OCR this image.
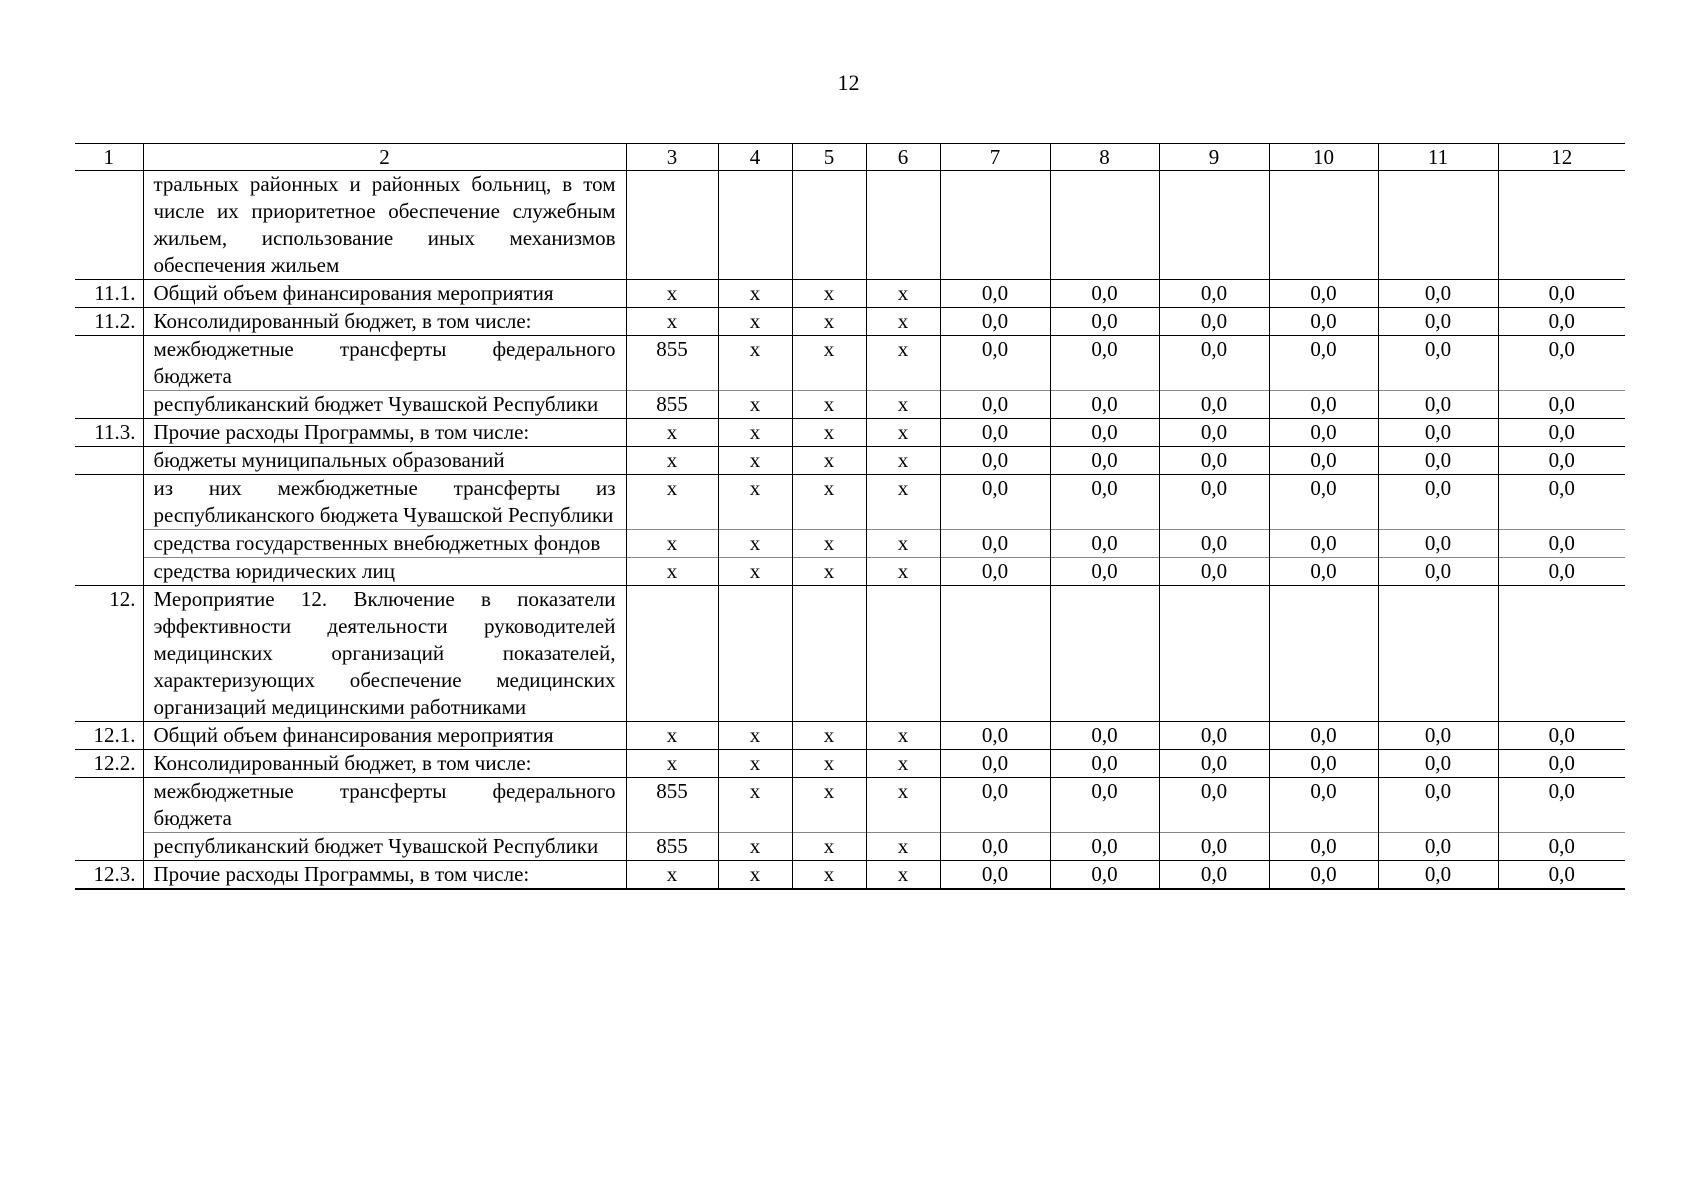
12
1	2	3	4	5	6	7	8	9	10	11	12
	тральных районных и районных больниц, в том числе их приоритетное обеспечение служебным жильем, использование иных механизмов обеспечения жильем										
11.1.	Общий объем финансирования мероприятия	x	x	x	x	0,0	0,0	0,0	0,0	0,0	0,0
11.2.	Консолидированный бюджет, в том числе:	x	x	x	x	0,0	0,0	0,0	0,0	0,0	0,0
	межбюджетные трансферты федерального бюджета	855	x	x	x	0,0	0,0	0,0	0,0	0,0	0,0
	республиканский бюджет Чувашской Республики	855	x	x	x	0,0	0,0	0,0	0,0	0,0	0,0
11.3.	Прочие расходы Программы, в том числе:	x	x	x	x	0,0	0,0	0,0	0,0	0,0	0,0
	бюджеты муниципальных образований	x	x	x	x	0,0	0,0	0,0	0,0	0,0	0,0
	из них межбюджетные трансферты из республиканского бюджета Чувашской Республики	x	x	x	x	0,0	0,0	0,0	0,0	0,0	0,0
	средства государственных внебюджетных фондов	x	x	x	x	0,0	0,0	0,0	0,0	0,0	0,0
	средства юридических лиц	x	x	x	x	0,0	0,0	0,0	0,0	0,0	0,0
12.	Мероприятие 12. Включение в показатели эффективности деятельности руководителей медицинских организаций показателей, характеризующих обеспечение медицинских организаций медицинскими работниками										
12.1.	Общий объем финансирования мероприятия	x	x	x	x	0,0	0,0	0,0	0,0	0,0	0,0
12.2.	Консолидированный бюджет, в том числе:	x	x	x	x	0,0	0,0	0,0	0,0	0,0	0,0
	межбюджетные трансферты федерального бюджета	855	x	x	x	0,0	0,0	0,0	0,0	0,0	0,0
	республиканский бюджет Чувашской Республики	855	x	x	x	0,0	0,0	0,0	0,0	0,0	0,0
12.3.	Прочие расходы Программы, в том числе:	x	x	x	x	0,0	0,0	0,0	0,0	0,0	0,0
